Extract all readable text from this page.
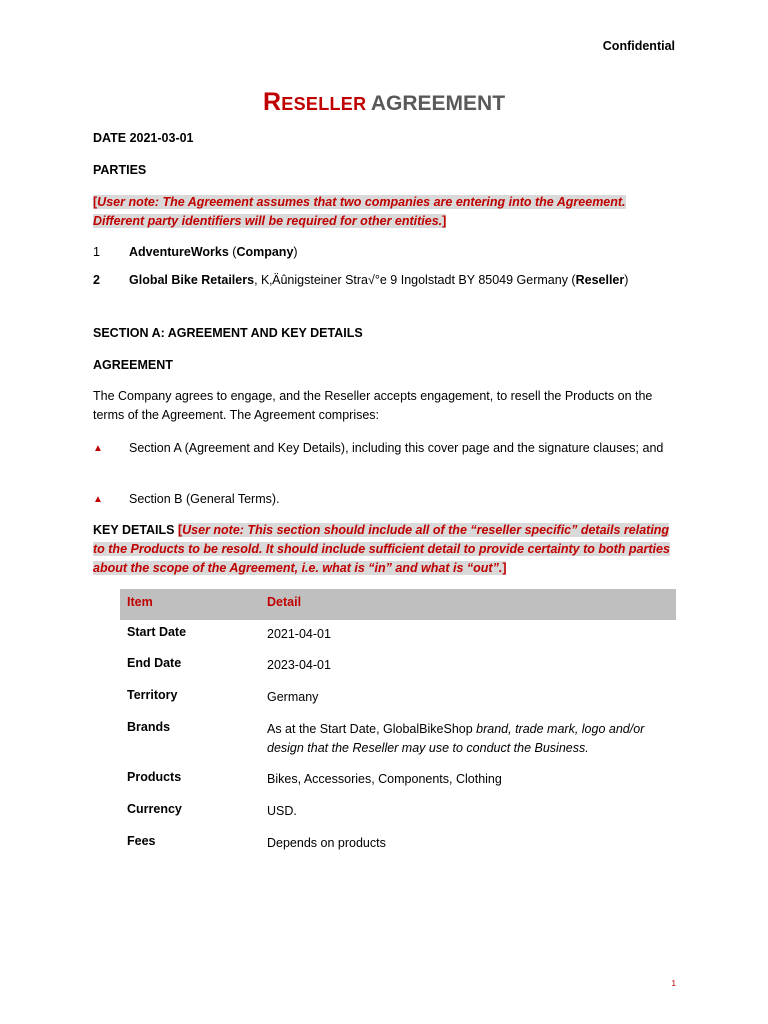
Confidential
Reseller AGREEMENT
DATE 2021-03-01
PARTIES
[User note: The Agreement assumes that two companies are entering into the Agreement. Different party identifiers will be required for other entities.]
1 AdventureWorks (Company)
2 Global Bike Retailers, K‚Äûnigsteiner Stra√°e 9 Ingolstadt BY 85049 Germany (Reseller)
SECTION A: AGREEMENT AND KEY DETAILS
AGREEMENT
The Company agrees to engage, and the Reseller accepts engagement, to resell the Products on the terms of the Agreement. The Agreement comprises:
▲ Section A (Agreement and Key Details), including this cover page and the signature clauses; and
▲ Section B (General Terms).
KEY DETAILS [User note: This section should include all of the “reseller specific” details relating to the Products to be resold. It should include sufficient detail to provide certainty to both parties about the scope of the Agreement, i.e. what is “in” and what is “out”.]
Item	Detail
Start Date	2021-04-01
End Date	2023-04-01
Territory	Germany
Brands	As at the Start Date, GlobalBikeShop brand, trade mark, logo and/or design that the Reseller may use to conduct the Business.
Products	Bikes, Accessories, Components, Clothing
Currency	USD.
Fees	Depends on products
1
